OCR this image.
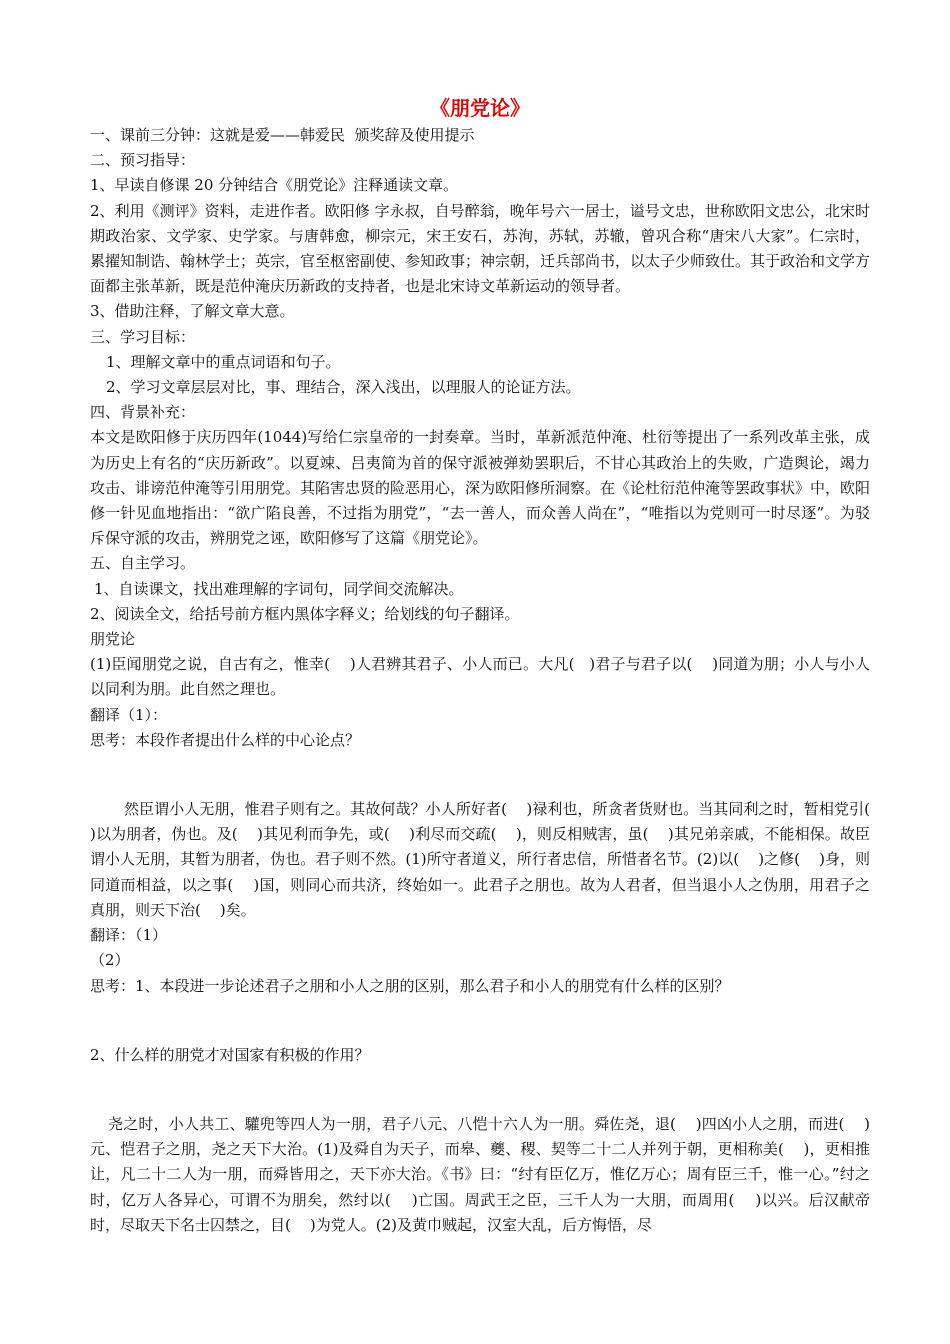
《朋党论》

一、课前三分钟：这就是爱——韩爱民  颁奖辞及使用提示

二、预习指导：

1、早读自修课 20 分钟结合《朋党论》注释通读文章。

2、利用《测评》资料，走进作者。欧阳修 字永叔，自号醉翁，晚年号六一居士，谥号文忠，世称欧阳文忠公，北宋时期政治家、文学家、史学家。与唐韩愈，柳宗元，宋王安石，苏洵，苏轼，苏辙，曾巩合称“唐宋八大家”。仁宗时，累擢知制诰、翰林学士；英宗，官至枢密副使、参知政事；神宗朝，迁兵部尚书，以太子少师致仕。其于政治和文学方面都主张革新，既是范仲淹庆历新政的支持者，也是北宋诗文革新运动的领导者。

3、借助注释，了解文章大意。

三、学习目标：

1、理解文章中的重点词语和句子。

2、学习文章层层对比，事、理结合，深入浅出，以理服人的论证方法。

四、背景补充：

本文是欧阳修于庆历四年(1044)写给仁宗皇帝的一封奏章。当时，革新派范仲淹、杜衍等提出了一系列改革主张，成为历史上有名的“庆历新政”。以夏竦、吕夷简为首的保守派被弹劾罢职后，不甘心其政治上的失败，广造舆论，竭力攻击、诽谤范仲淹等引用朋党。其陷害忠贤的险恶用心，深为欧阳修所洞察。在《论杜衍范仲淹等罢政事状》中，欧阳修一针见血地指出：“欲广陷良善，不过指为朋党”，“去一善人，而众善人尚在”，“唯指以为党则可一时尽逐”。为驳斥保守派的攻击，辨朋党之诬，欧阳修写了这篇《朋党论》。

五、自主学习。

1、自读课文，找出难理解的字词句，同学间交流解决。

2、阅读全文，给括号前方框内黑体字释义；给划线的句子翻译。

朋党论

(1)臣闻朋党之说，自古有之，惟幸(    )人君辨其君子、小人而已。大凡(   )君子与君子以(    )同道为朋；小人与小人以同利为朋。此自然之理也。

翻译（1）：

思考：本段作者提出什么样的中心论点？

然臣谓小人无朋，惟君子则有之。其故何哉？小人所好者(    )禄利也，所贪者货财也。当其同利之时，暂相党引(    )以为朋者，伪也。及(    )其见利而争先，或(    )利尽而交疏(    )，则反相贼害，虽(    )其兄弟亲戚，不能相保。故臣谓小人无朋，其暂为朋者，伪也。君子则不然。(1)所守者道义，所行者忠信，所惜者名节。(2)以(    )之修(    )身，则同道而相益，以之事(    )国，则同心而共济，终始如一。此君子之朋也。故为人君者，但当退小人之伪朋，用君子之真朋，则天下治(    )矣。

翻译：（1）

（2）

思考：1、本段进一步论述君子之朋和小人之朋的区别，那么君子和小人的朋党有什么样的区别？

2、什么样的朋党才对国家有积极的作用？

尧之时，小人共工、驩兜等四人为一朋，君子八元、八恺十六人为一朋。舜佐尧，退(    )四凶小人之朋，而进(    )元、恺君子之朋，尧之天下大治。(1)及舜自为天子，而皋、夔、稷、契等二十二人并列于朝，更相称美(    )，更相推让，凡二十二人为一朋，而舜皆用之，天下亦大治。《书》曰：“纣有臣亿万，惟亿万心；周有臣三千，惟一心。”纣之时，亿万人各异心，可谓不为朋矣，然纣以(    )亡国。周武王之臣，三千人为一大朋，而周用(    )以兴。后汉献帝时，尽取天下名士囚禁之，目(    )为党人。(2)及黄巾贼起，汉室大乱，后方悔悟，尽
